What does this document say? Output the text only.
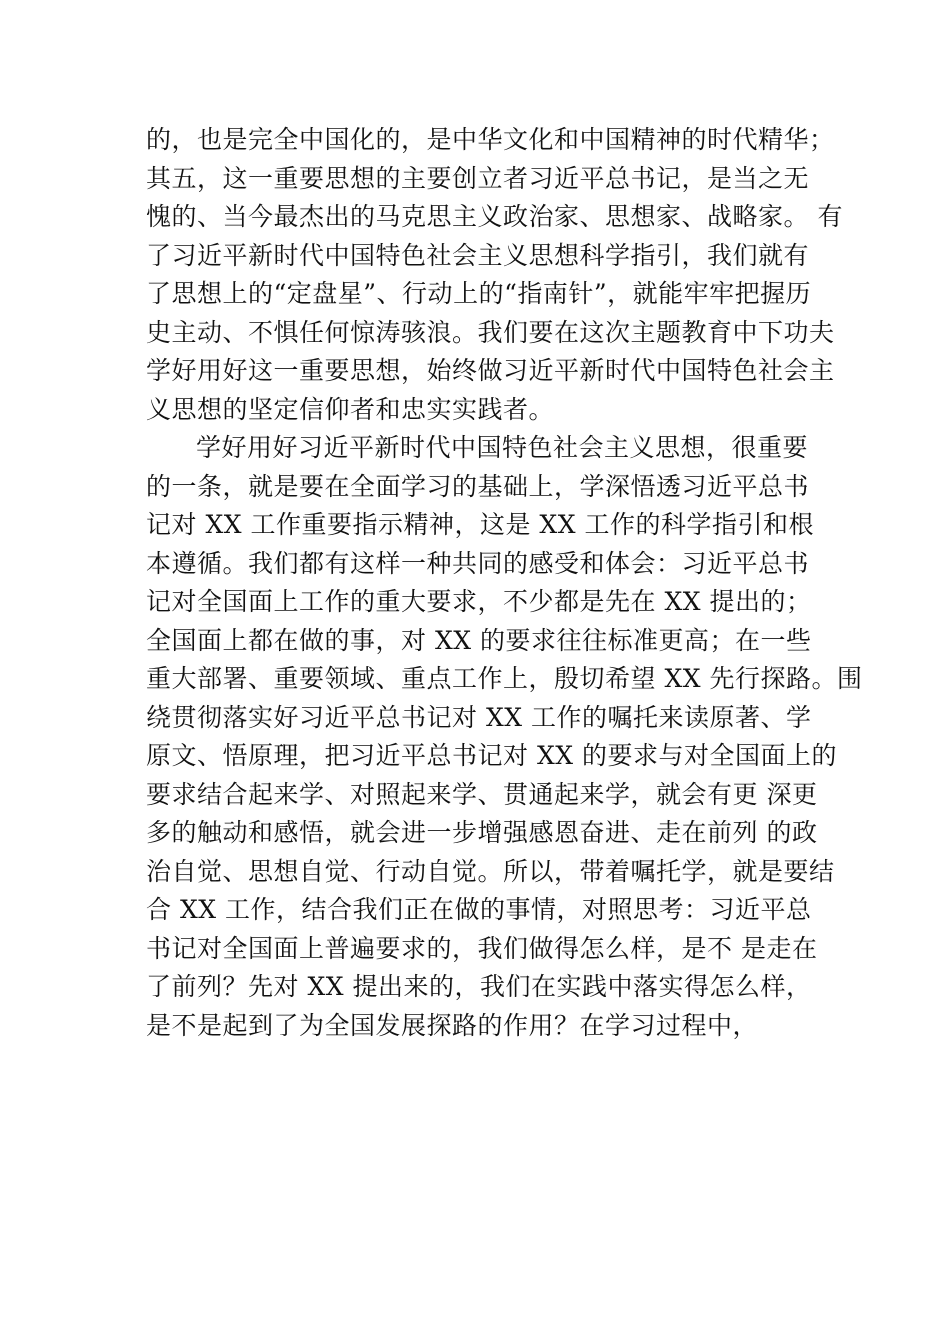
的，也是完全中国化的，是中华文化和中国精神的时代精华；
其五，这一重要思想的主要创立者习近平总书记，是当之无
愧的、当今最杰出的马克思主义政治家、思想家、战略家。 有
了习近平新时代中国特色社会主义思想科学指引，我们就有
了思想上的“定盘星”、行动上的“指南针”，就能牢牢把握历
史主动、不惧任何惊涛骇浪。我们要在这次主题教育中下功夫
学好用好这一重要思想，始终做习近平新时代中国特色社会主
义思想的坚定信仰者和忠实实践者。
学好用好习近平新时代中国特色社会主义思想，很重要
的一条，就是要在全面学习的基础上，学深悟透习近平总书
记对 XX 工作重要指示精神，这是 XX 工作的科学指引和根
本遵循。我们都有这样一种共同的感受和体会：习近平总书
记对全国面上工作的重大要求，不少都是先在 XX 提出的；
全国面上都在做的事，对 XX 的要求往往标准更高；在一些
重大部署、重要领域、重点工作上，殷切希望 XX 先行探路。围
绕贯彻落实好习近平总书记对 XX 工作的嘱托来读原著、学
原文、悟原理，把习近平总书记对 XX 的要求与对全国面上的
要求结合起来学、对照起来学、贯通起来学，就会有更 深更
多的触动和感悟，就会进一步增强感恩奋进、走在前列 的政
治自觉、思想自觉、行动自觉。所以，带着嘱托学，就是要结
合 XX 工作，结合我们正在做的事情，对照思考：习近平总
书记对全国面上普遍要求的，我们做得怎么样，是不 是走在
了前列？先对 XX 提出来的，我们在实践中落实得怎么样，
是不是起到了为全国发展探路的作用？在学习过程中，
